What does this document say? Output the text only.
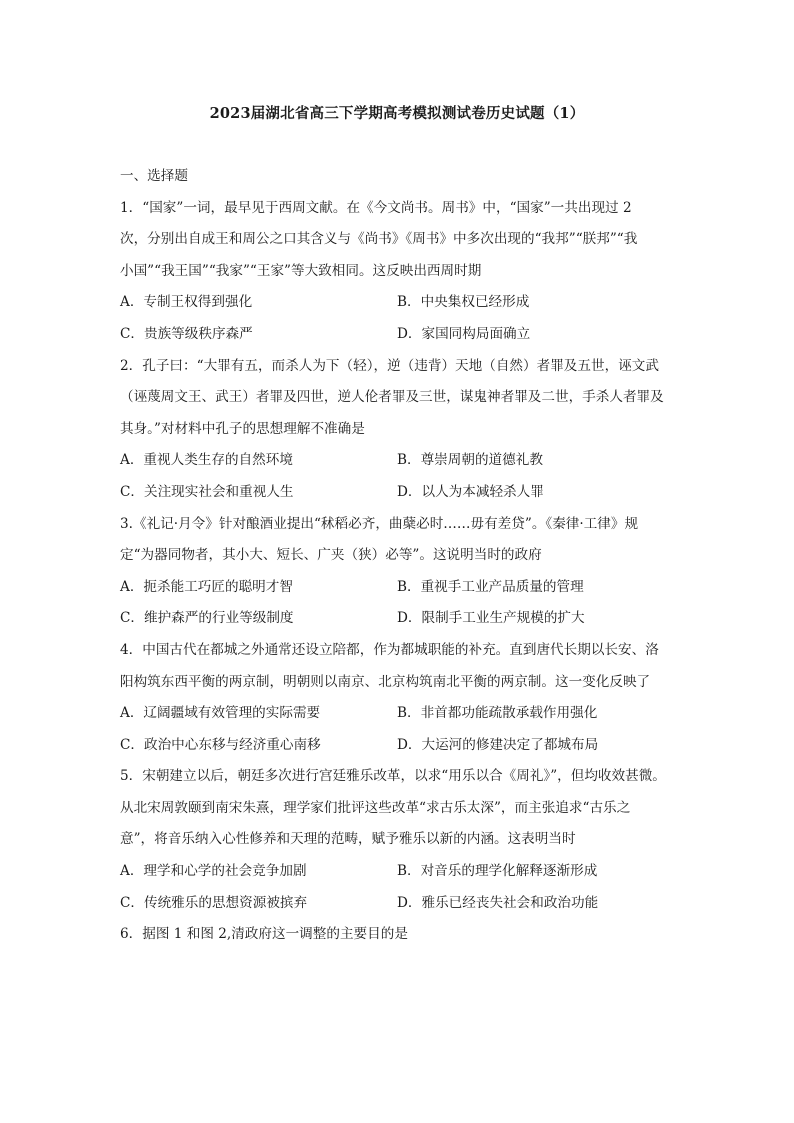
2023届湖北省高三下学期高考模拟测试卷历史试题（1）
一、选择题
1．“国家”一词，最早见于西周文献。在《今文尚书。周书》中，“国家”一共出现过 2
次，分别出自成王和周公之口其含义与《尚书》《周书》中多次出现的“我邦”“朕邦”“我
小国”“我王国”“我家”“王家”等大致相同。这反映出西周时期
A．专制王权得到强化	B．中央集权已经形成
C．贵族等级秩序森严	D．家国同构局面确立
2．孔子曰：“大罪有五，而杀人为下（轻），逆（违背）天地（自然）者罪及五世，诬文武
（诬蔑周文王、武王）者罪及四世，逆人伦者罪及三世，谋鬼神者罪及二世，手杀人者罪及
其身。”对材料中孔子的思想理解不准确是
A．重视人类生存的自然环境	B．尊崇周朝的道德礼教
C．关注现实社会和重视人生	D．以人为本减轻杀人罪
3.《礼记·月令》针对酿酒业提出“秫稻必齐，曲蘖必时……毋有差贷”。《秦律·工律》规
定“为器同物者，其小大、短长、广夹（狭）必等”。这说明当时的政府
A．扼杀能工巧匠的聪明才智	B．重视手工业产品质量的管理
C．维护森严的行业等级制度	D．限制手工业生产规模的扩大
4．中国古代在都城之外通常还设立陪都，作为都城职能的补充。直到唐代长期以长安、洛
阳构筑东西平衡的两京制，明朝则以南京、北京构筑南北平衡的两京制。这一变化反映了
A．辽阔疆域有效管理的实际需要	B．非首都功能疏散承载作用强化
C．政治中心东移与经济重心南移	D．大运河的修建决定了都城布局
5．宋朝建立以后，朝廷多次进行宫廷雅乐改革，以求“用乐以合《周礼》”，但均收效甚微。
从北宋周敦颐到南宋朱熹，理学家们批评这些改革“求古乐太深”，而主张追求“古乐之
意”，将音乐纳入心性修养和天理的范畴，赋予雅乐以新的内涵。这表明当时
A．理学和心学的社会竞争加剧	B．对音乐的理学化解释逐渐形成
C．传统雅乐的思想资源被摈弃	D．雅乐已经丧失社会和政治功能
6．据图 1 和图 2,清政府这一调整的主要目的是
